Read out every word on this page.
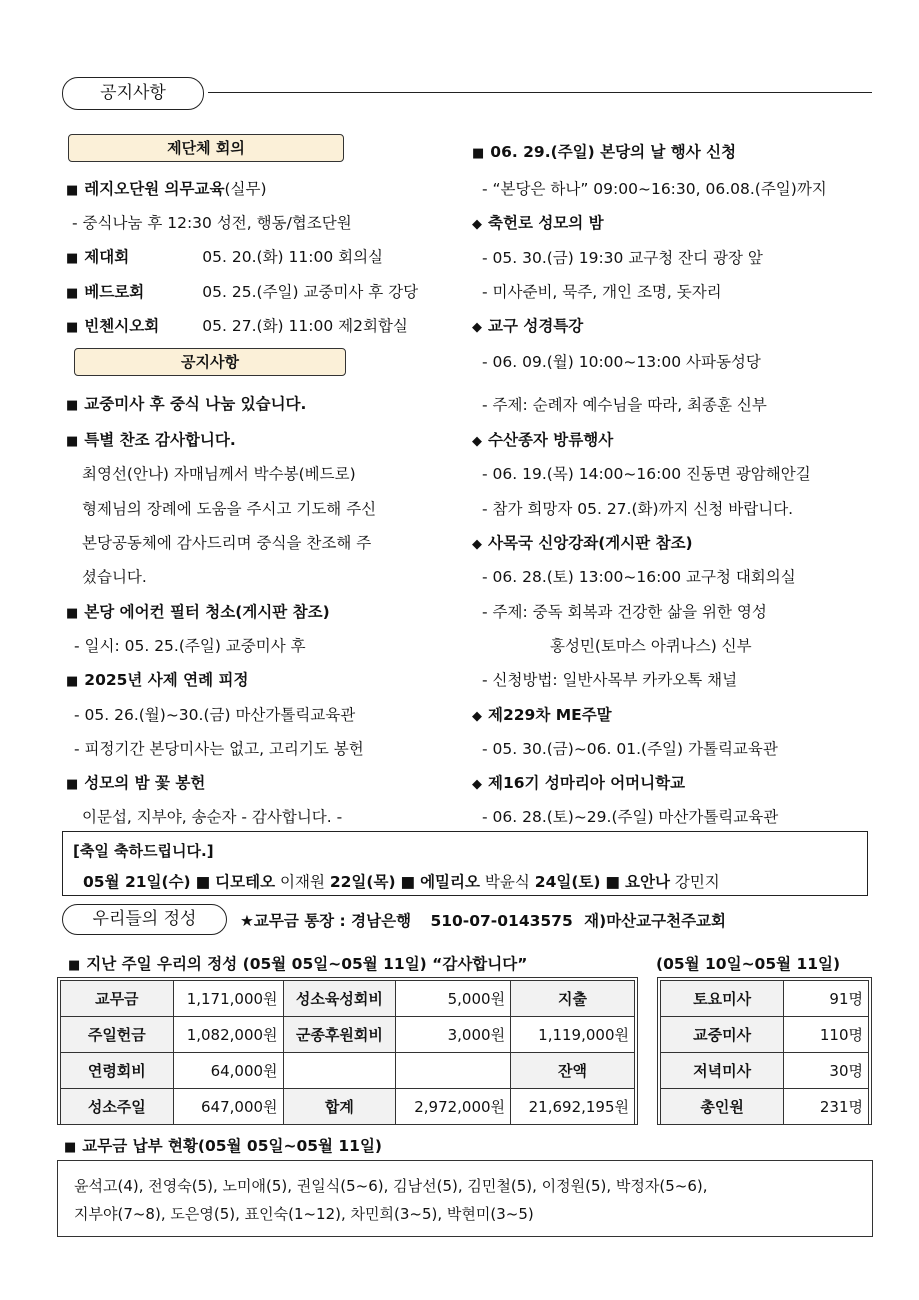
공지사항
제단체 회의
■ 레지오단원 의무교육(실무)
- 중식나눔 후 12:30 성전, 행동/협조단원
■ 제대회	05. 20.(화) 11:00 회의실
■ 베드로회	05. 25.(주일) 교중미사 후 강당
■ 빈첸시오회	05. 27.(화) 11:00 제2회합실
공지사항
■ 교중미사 후 중식 나눔 있습니다.
■ 특별 찬조 감사합니다.
최영선(안나) 자매님께서 박수봉(베드로)
형제님의 장례에 도움을 주시고 기도해 주신
본당공동체에 감사드리며 중식을 찬조해 주
셨습니다.
■ 본당 에어컨 필터 청소(게시판 참조)
- 일시: 05. 25.(주일) 교중미사 후
■ 2025년 사제 연례 피정
- 05. 26.(월)~30.(금) 마산가톨릭교육관
- 피정기간 본당미사는 없고, 고리기도 봉헌
■ 성모의 밤 꽃 봉헌
이문섭, 지부야, 송순자 - 감사합니다. -
■ 06. 29.(주일) 본당의 날 행사 신청
- “본당은 하나” 09:00~16:30, 06.08.(주일)까지
◆ 축헌로 성모의 밤
- 05. 30.(금) 19:30 교구청 잔디 광장 앞
- 미사준비, 묵주, 개인 조명, 돗자리
◆ 교구 성경특강
- 06. 09.(월) 10:00~13:00 사파동성당
- 주제: 순례자 예수님을 따라, 최종훈 신부
◆ 수산종자 방류행사
- 06. 19.(목) 14:00~16:00 진동면 광암해안길
- 참가 희망자 05. 27.(화)까지 신청 바랍니다.
◆ 사목국 신앙강좌(게시판 참조)
- 06. 28.(토) 13:00~16:00 교구청 대회의실
- 주제: 중독 회복과 건강한 삶을 위한 영성
홍성민(토마스 아퀴나스) 신부
- 신청방법: 일반사목부 카카오톡 채널
◆ 제229차 ME주말
- 05. 30.(금)~06. 01.(주일) 가톨릭교육관
◆ 제16기 성마리아 어머니학교
- 06. 28.(토)~29.(주일) 마산가톨릭교육관
[축일 축하드립니다.]
05월 21일(수) ■ 디모테오 이재원 22일(목) ■ 에밀리오 박윤식 24일(토) ■ 요안나 강민지
우리들의 정성	★교무금 통장 : 경남은행 510-07-0143575 재)마산교구천주교회
■ 지난 주일 우리의 정성 (05월 05일~05월 11일) “감사합니다”	(05월 10일~05월 11일)
교무금	1,171,000원	성소육성회비	5,000원	지출
주일헌금	1,082,000원	군종후원회비	3,000원	1,119,000원
연령회비	64,000원			잔액
성소주일	647,000원	합계	2,972,000원	21,692,195원
토요미사	91명
교중미사	110명
저녁미사	30명
총인원	231명
■ 교무금 납부 현황(05월 05일~05월 11일)
윤석고(4), 전영숙(5), 노미애(5), 권일식(5~6), 김남선(5), 김민철(5), 이정원(5), 박정자(5~6),
지부야(7~8), 도은영(5), 표인숙(1~12), 차민희(3~5), 박현미(3~5)
